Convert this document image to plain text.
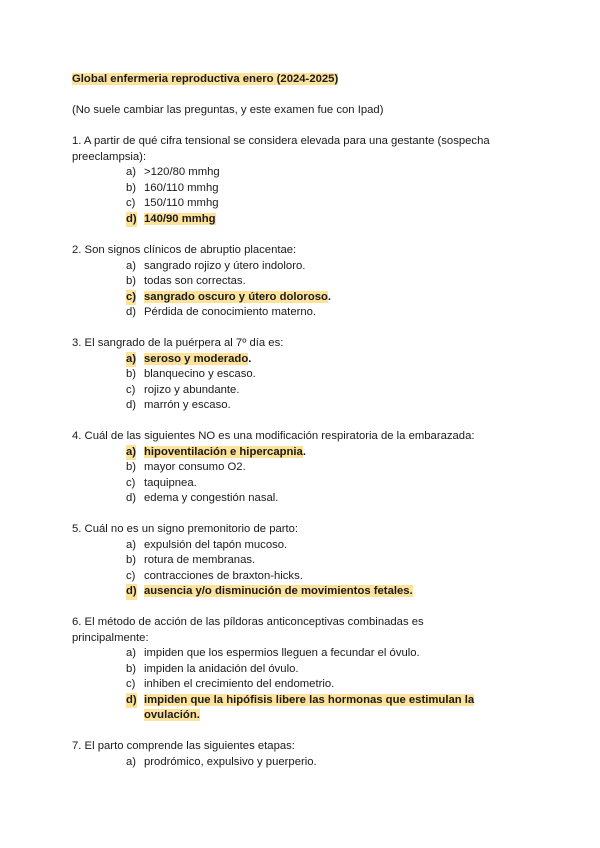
Global enfermeria reproductiva enero (2024-2025)
(No suele cambiar las preguntas, y este examen fue con Ipad)
1. A partir de qué cifra tensional se considera elevada para una gestante (sospecha preeclampsia):
a) >120/80 mmhg
b) 160/110 mmhg
c) 150/110 mmhg
d) 140/90 mmhg
2. Son signos clínicos de abruptio placentae:
a) sangrado rojizo y útero indoloro.
b) todas son correctas.
c) sangrado oscuro y útero doloroso.
d) Pérdida de conocimiento materno.
3. El sangrado de la puérpera al 7º día es:
a) seroso y moderado.
b) blanquecino y escaso.
c) rojizo y abundante.
d) marrón y escaso.
4. Cuál de las siguientes NO es una modificación respiratoria de la embarazada:
a) hipoventilación e hipercapnia.
b) mayor consumo O2.
c) taquipnea.
d) edema y congestión nasal.
5. Cuál no es un signo premonitorio de parto:
a) expulsión del tapón mucoso.
b) rotura de membranas.
c) contracciones de braxton-hicks.
d) ausencia y/o disminución de movimientos fetales.
6. El método de acción de las píldoras anticonceptivas combinadas es principalmente:
a) impiden que los espermios lleguen a fecundar el óvulo.
b) impiden la anidación del óvulo.
c) inhiben el crecimiento del endometrio.
d) impiden que la hipófisis libere las hormonas que estimulan la ovulación.
7. El parto comprende las siguientes etapas:
a) prodrómico, expulsivo y puerperio.
